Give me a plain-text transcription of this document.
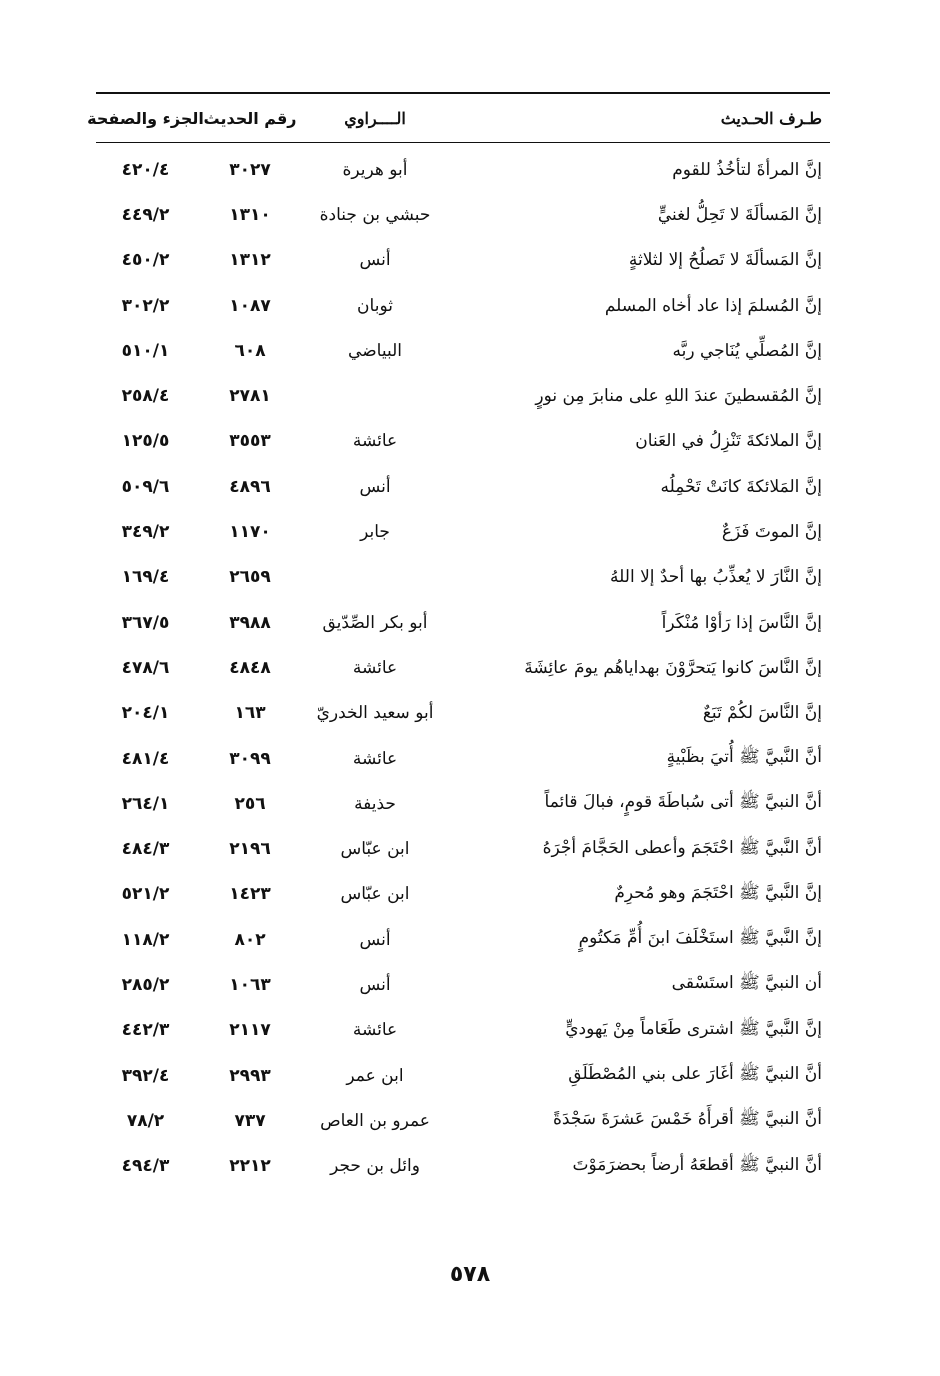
طـرف الحـديث
الــــراوي
رقم الحديث
الجزء والصفحة
إنَّ المرأةَ لتأخُذُ للقوم
أبو هريرة
٣٠٢٧
٤٢٠/٤
إنَّ المَسألَةَ لا تَحِلُّ لغنيٍّ
حبشي بن جنادة
١٣١٠
٤٤٩/٢
إنَّ المَسألَةَ لا تَصلُحُ إلا لثلاثةٍ
أنس
١٣١٢
٤٥٠/٢
إنَّ المُسلمَ إذا عاد أخاه المسلم
ثوبان
١٠٨٧
٣٠٢/٢
إنَّ المُصلِّي يُنَاجي ربَّه
البياضي
٦٠٨
٥١٠/١
إنَّ المُقسطينَ عندَ اللهِ على منابرَ مِن نورٍ
٢٧٨١
٢٥٨/٤
إنَّ الملائكةَ تَنْزِلُ في العَنان
عائشة
٣٥٥٣
١٢٥/٥
إنَّ المَلائكةَ كانَتْ تَحْمِلُه
أنس
٤٨٩٦
٥٠٩/٦
إنَّ الموتَ فَزَعٌ
جابر
١١٧٠
٣٤٩/٢
إنَّ النَّارَ لا يُعذِّبُ بها أحدٌ إلا اللهُ
٢٦٥٩
١٦٩/٤
إنَّ النَّاسَ إذا رَأوْا مُنْكَراً
أبو بكر الصِّدّيق
٣٩٨٨
٣٦٧/٥
إنَّ النَّاسَ كانوا يَتحرَّوْنَ بهداياهُم يومَ عائِشَةَ
عائشة
٤٨٤٨
٤٧٨/٦
إنَّ النَّاسَ لكُمْ تَبَعٌ
أبو سعيد الخدريّ
١٦٣
٢٠٤/١
أنَّ النَّبيَّ ﷺ أُتيَ بظَبْيةٍ
عائشة
٣٠٩٩
٤٨١/٤
أنَّ النبيَّ ﷺ أتى سُباطَةَ قومٍ، فبالَ قائماً
حذيفة
٢٥٦
٢٦٤/١
أنَّ النَّبيَّ ﷺ احْتَجَمَ وأعطى الحَجَّامَ أجْرَهُ
ابن عبّاس
٢١٩٦
٤٨٤/٣
إنَّ النَّبيَّ ﷺ احْتَجَمَ وهو مُحرِمٌ
ابن عبّاس
١٤٢٣
٥٢١/٢
إنَّ النَّبيَّ ﷺ استَخْلَفَ ابنَ أُمِّ مَكتُومٍ
أنس
٨٠٢
١١٨/٢
أن النبيَّ ﷺ استَسْقى
أنس
١٠٦٣
٢٨٥/٢
إنَّ النَّبيَّ ﷺ اشترى طَعَاماً مِنْ يَهوديٍّ
عائشة
٢١١٧
٤٤٢/٣
أنَّ النبيَّ ﷺ أغَارَ على بني المُصْطَلَقِ
ابن عمر
٢٩٩٣
٣٩٢/٤
أنَّ النبيَّ ﷺ أقرأَهُ خَمْسَ عَشرَةَ سَجْدَةً
عمرو بن العاص
٧٣٧
٧٨/٢
أنَّ النبيَّ ﷺ أقطعَهُ أرضاً بحضرَمَوْتَ
وائل بن حجر
٢٢١٢
٤٩٤/٣
٥٧٨
